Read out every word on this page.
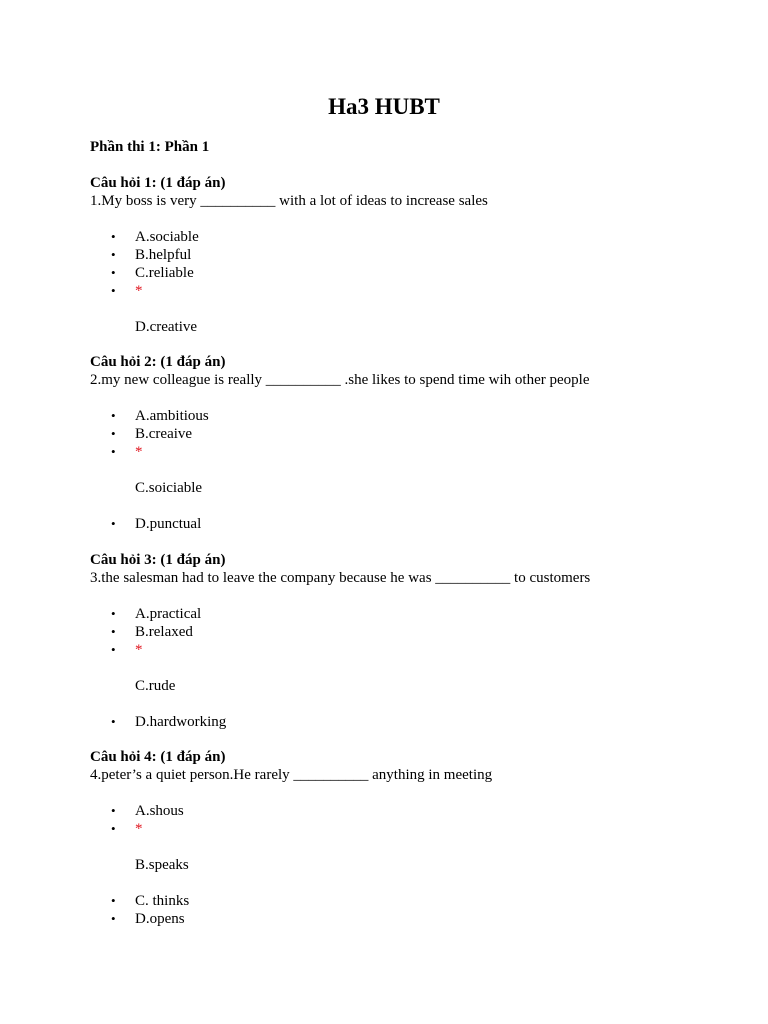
Ha3 HUBT

Phần thi 1: Phần 1

Câu hỏi 1: (1 đáp án)

1.My boss is very __________ with a lot of ideas to increase sales

• A.sociable
• B.helpful
• C.reliable
• *
D.creative

Câu hỏi 2: (1 đáp án)

2.my new colleague is really __________ .she likes to spend time wih other people

• A.ambitious
• B.creaive
• *
C.soiciable
• D.punctual

Câu hỏi 3: (1 đáp án)

3.the salesman had to leave the company because he was __________ to customers

• A.practical
• B.relaxed
• *
C.rude
• D.hardworking

Câu hỏi 4: (1 đáp án)

4.peter’s a quiet person.He rarely __________ anything in meeting

• A.shous
• *
B.speaks
• C. thinks
• D.opens
